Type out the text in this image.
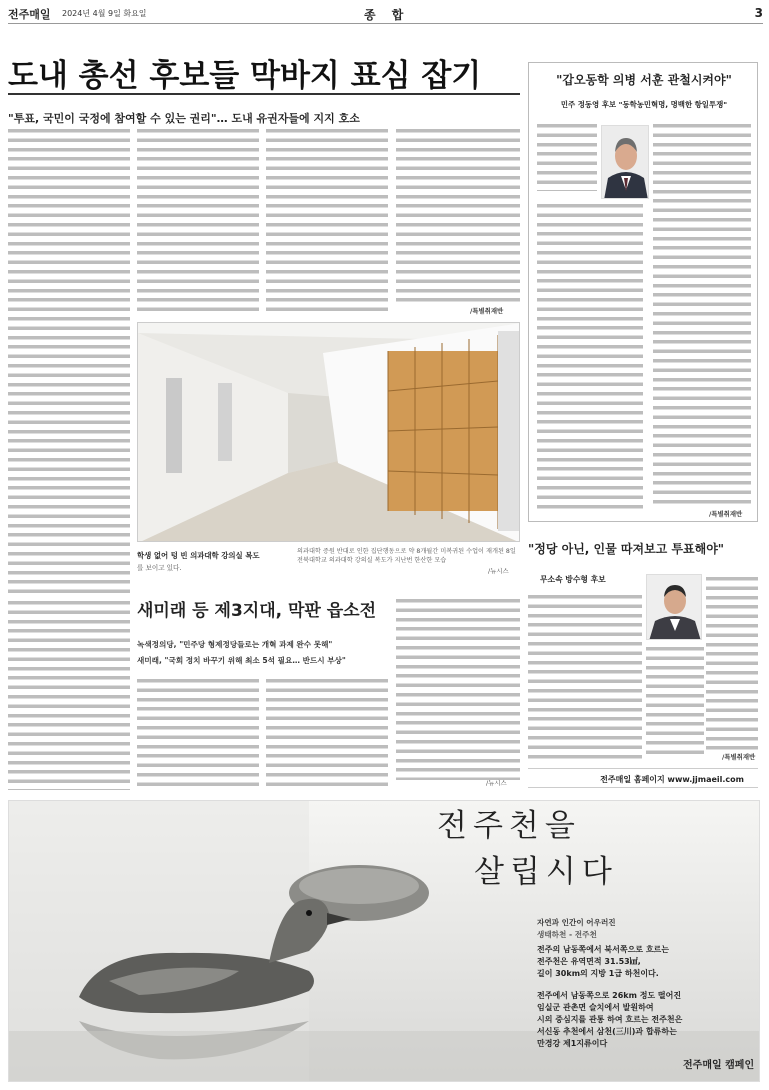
전주매일 2024년 4월 9일 화요일	종 합	3
도내 총선 후보들 막바지 표심 잡기
"투표, 국민이 국정에 참여할 수 있는 권리"… 도내 유권자들에 지지 호소
/특별취재반
학생 없어 텅 빈 의과대학 강의실 복도
를 보이고 있다.
의과대학 증원 반대로 인한 집단행동으로 약 8개월간 미복귀된 수업이 재개된 8일 전북대학교 의과대학 강의실 복도가 지난번 한산한 모습
/뉴시스
"갑오동학 의병 서훈 관철시켜야"
민주 정동영 후보 "동학농민혁명, 명백한 항일투쟁"
/특별취재반
"정당 아닌, 인물 따져보고 투표해야"
무소속 방수형 후보
/특별취재반
전주매일 홈페이지 www.jjmaeil.com
새미래 등 제3지대, 막판 읍소전
녹색정의당, "민주당 형제정당들로는 개혁 과제 완수 못해"
새미래, "국회 정치 바꾸기 위해 최소 5석 필요… 반드시 부상"
/뉴시스
전주천을
살립시다
자연과 인간이 어우러진
생태하천 - 전주천
전주의 남동쪽에서 북서쪽으로 흐르는
전주천은 유역면적 31.53㎢,
길이 30km의 지방 1급 하천이다.
전주에서 남동쪽으로 26km 정도 떨어진
임실군 관촌면 슬치에서 발원하여
시의 중심지를 관통 하여 흐르는 전주천은
서신동 추천에서 삼천(三川)과 합류하는
만경강 제1지류이다
전주매일 캠페인
